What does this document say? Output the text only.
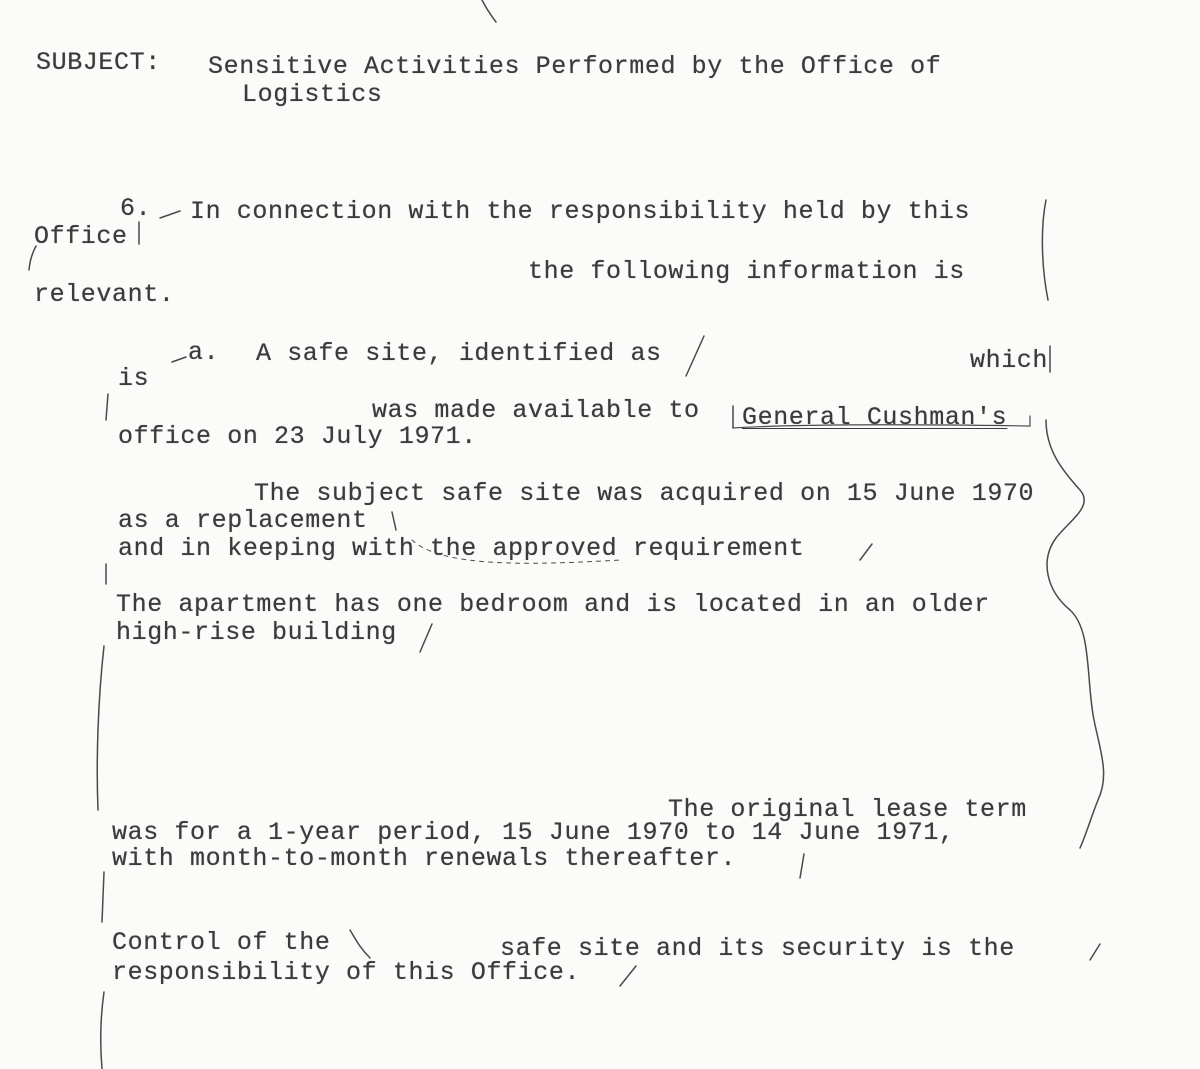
SUBJECT: Sensitive Activities Performed by the Office of
Logistics
6. In connection with the responsibility held by this
Office
the following information is
relevant.
a. A safe site, identified as	which
is
was made available to General Cushman's
office on 23 July 1971.
The subject safe site was acquired on 15 June 1970
as a replacement
and in keeping with the approved requirement
The apartment has one bedroom and is located in an older
high-rise building
The original lease term
was for a 1-year period, 15 June 1970 to 14 June 1971,
with month-to-month renewals thereafter.
Control of the	safe site and its security is the
responsibility of this Office.
